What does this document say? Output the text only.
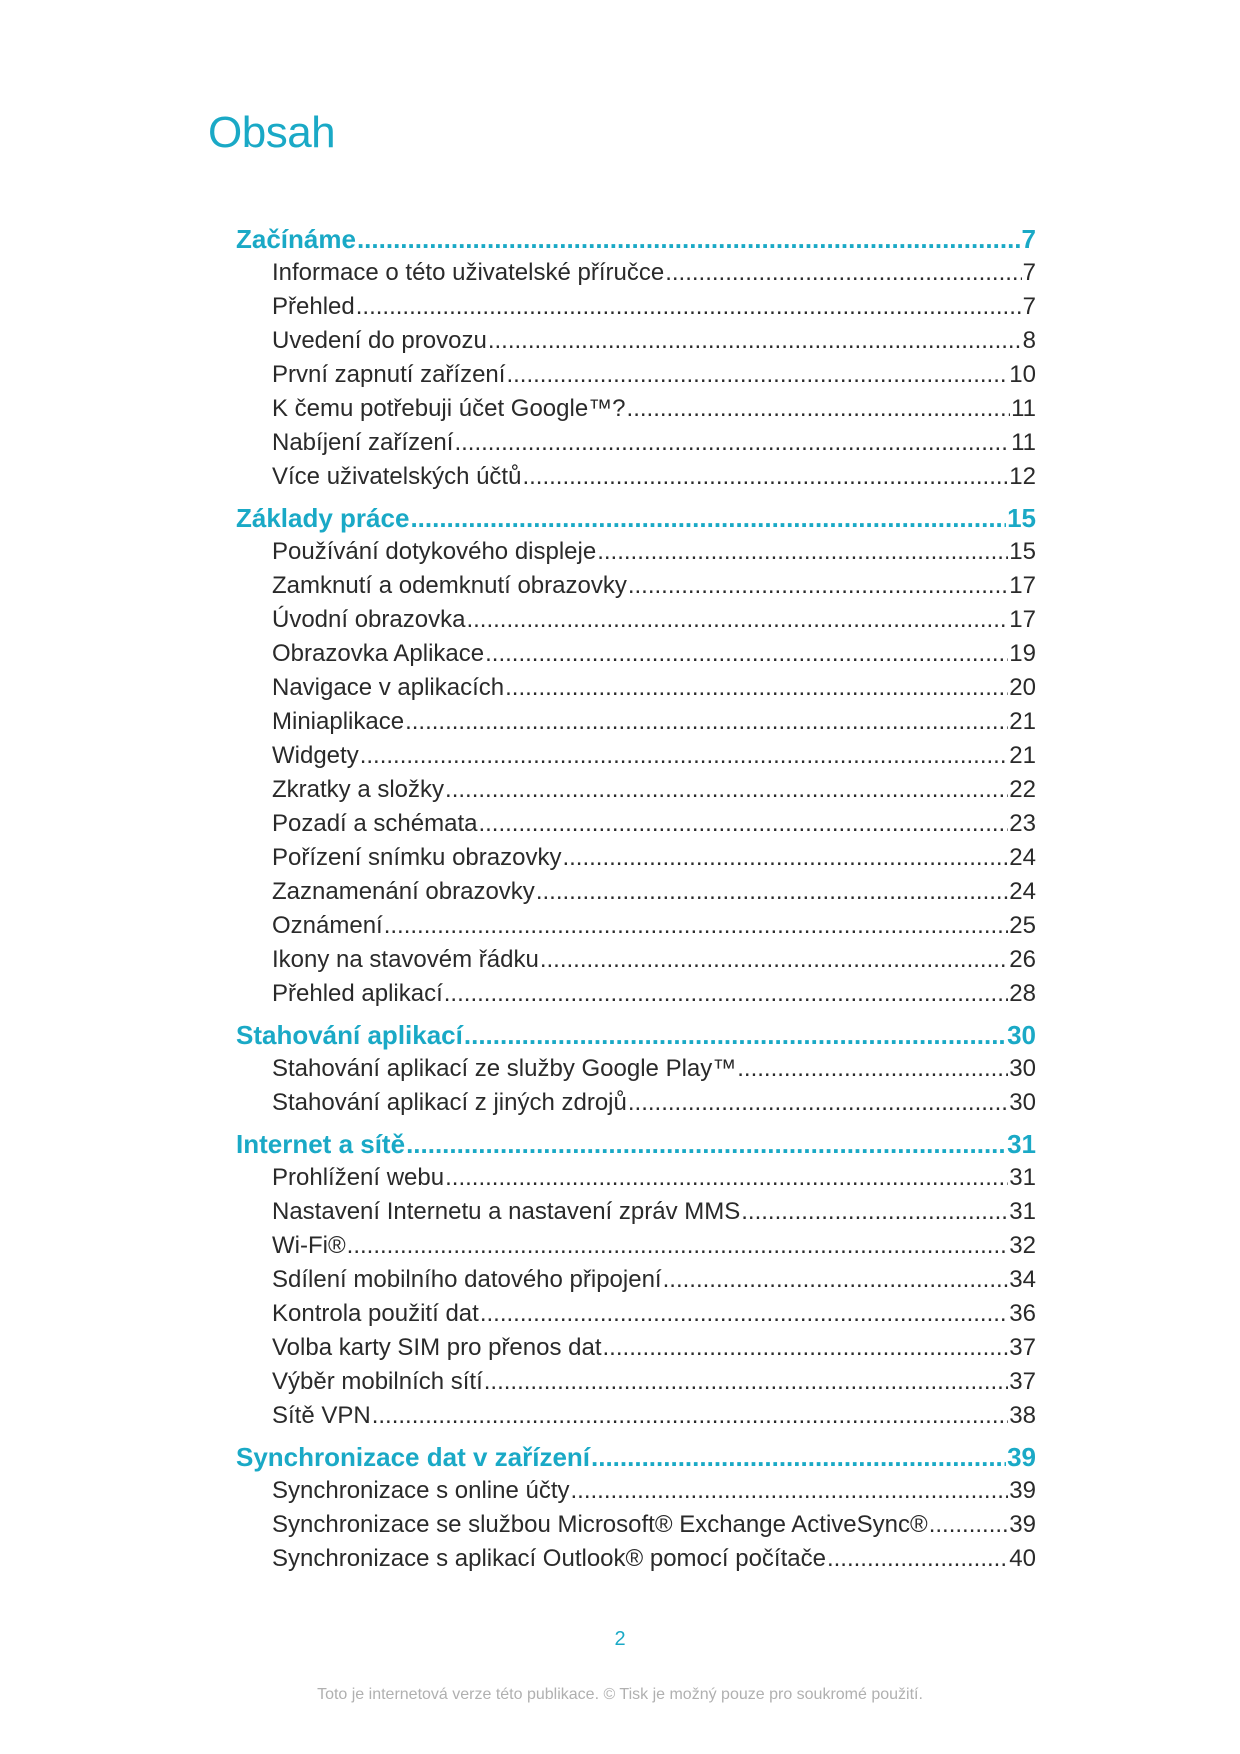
Obsah
Začínáme .....	7
Informace o této uživatelské příručce .....	7
Přehled .....	7
Uvedení do provozu .....	8
První zapnutí zařízení .....	10
K čemu potřebuji účet Google™? .....	11
Nabíjení zařízení .....	11
Více uživatelských účtů .....	12
Základy práce .....	15
Používání dotykového displeje .....	15
Zamknutí a odemknutí obrazovky .....	17
Úvodní obrazovka .....	17
Obrazovka Aplikace .....	19
Navigace v aplikacích .....	20
Miniaplikace .....	21
Widgety .....	21
Zkratky a složky .....	22
Pozadí a schémata .....	23
Pořízení snímku obrazovky .....	24
Zaznamenání obrazovky .....	24
Oznámení .....	25
Ikony na stavovém řádku .....	26
Přehled aplikací .....	28
Stahování aplikací .....	30
Stahování aplikací ze služby Google Play™ .....	30
Stahování aplikací z jiných zdrojů .....	30
Internet a sítě .....	31
Prohlížení webu .....	31
Nastavení Internetu a nastavení zpráv MMS .....	31
Wi-Fi® .....	32
Sdílení mobilního datového připojení .....	34
Kontrola použití dat .....	36
Volba karty SIM pro přenos dat .....	37
Výběr mobilních sítí .....	37
Sítě VPN .....	38
Synchronizace dat v zařízení .....	39
Synchronizace s online účty .....	39
Synchronizace se službou Microsoft® Exchange ActiveSync® .....	39
Synchronizace s aplikací Outlook® pomocí počítače .....	40
2
Toto je internetová verze této publikace. © Tisk je možný pouze pro soukromé použití.
